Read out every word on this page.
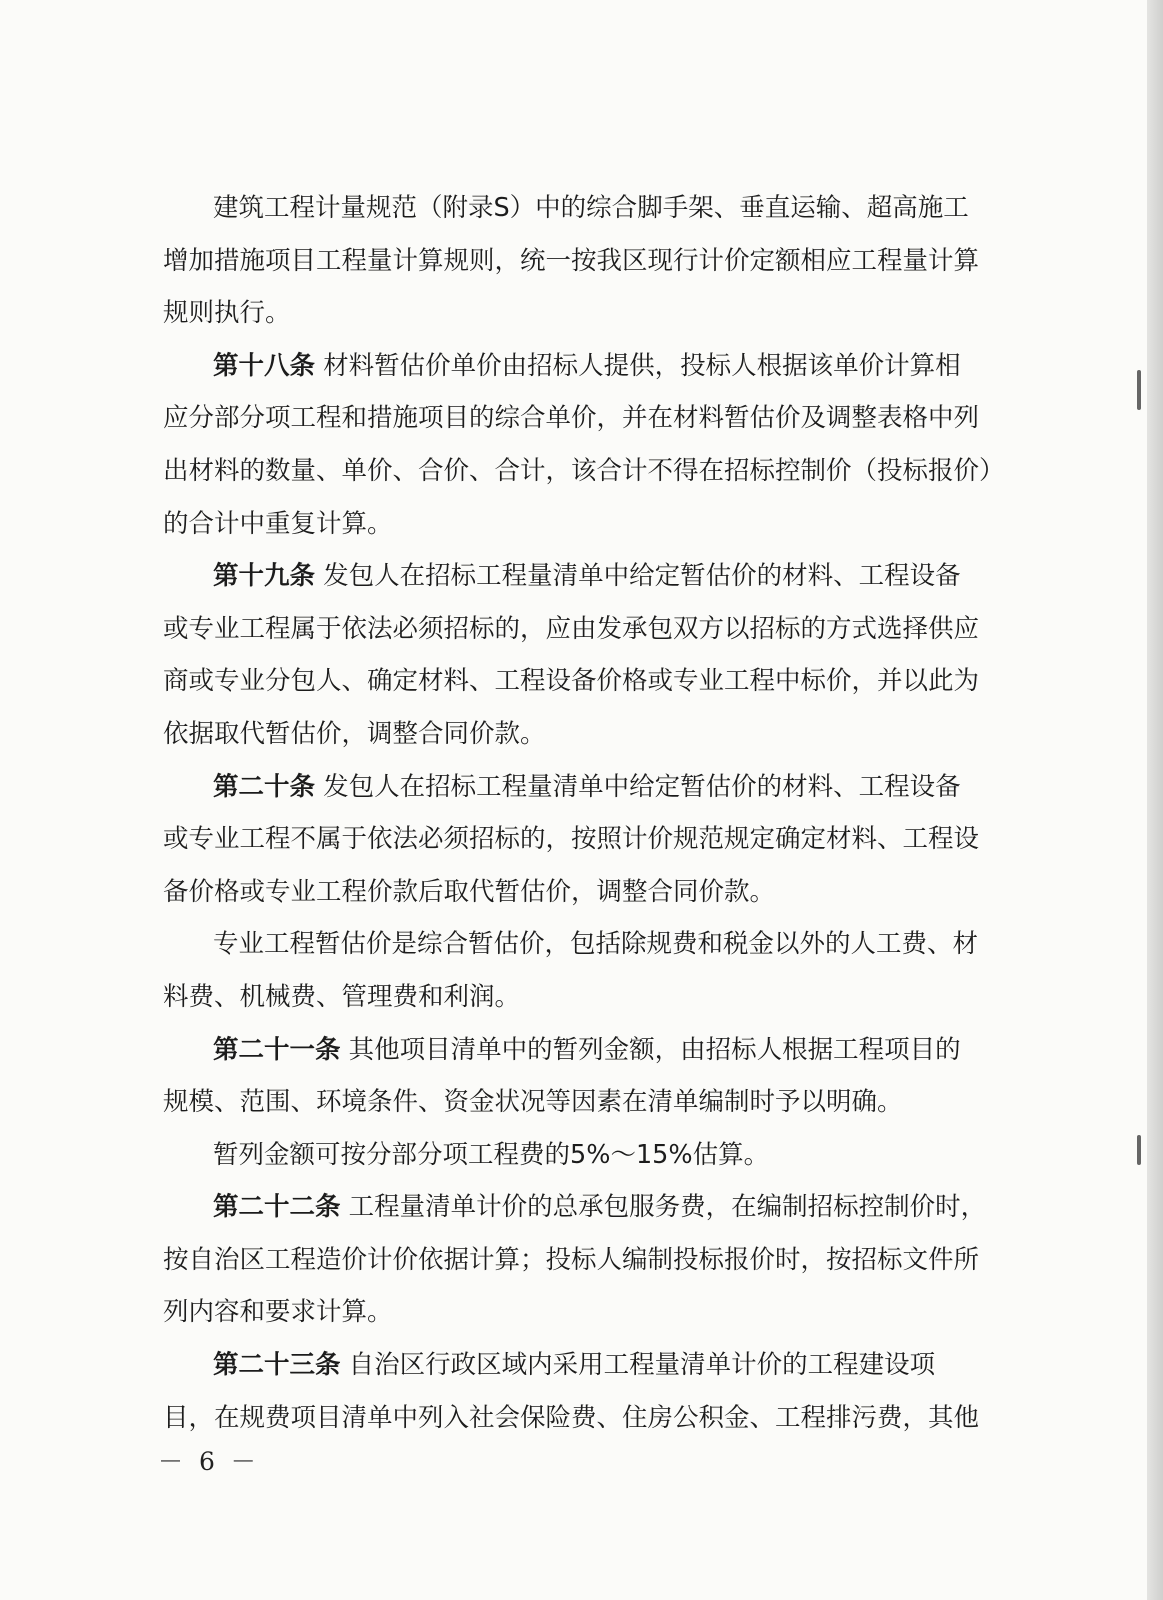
建筑工程计量规范（附录S）中的综合脚手架、垂直运输、超高施工
增加措施项目工程量计算规则，统一按我区现行计价定额相应工程量计算
规则执行。
第十八条 材料暂估价单价由招标人提供，投标人根据该单价计算相
应分部分项工程和措施项目的综合单价，并在材料暂估价及调整表格中列
出材料的数量、单价、合价、合计，该合计不得在招标控制价（投标报价）
的合计中重复计算。
第十九条 发包人在招标工程量清单中给定暂估价的材料、工程设备
或专业工程属于依法必须招标的，应由发承包双方以招标的方式选择供应
商或专业分包人、确定材料、工程设备价格或专业工程中标价，并以此为
依据取代暂估价，调整合同价款。
第二十条 发包人在招标工程量清单中给定暂估价的材料、工程设备
或专业工程不属于依法必须招标的，按照计价规范规定确定材料、工程设
备价格或专业工程价款后取代暂估价，调整合同价款。
专业工程暂估价是综合暂估价，包括除规费和税金以外的人工费、材
料费、机械费、管理费和利润。
第二十一条 其他项目清单中的暂列金额，由招标人根据工程项目的
规模、范围、环境条件、资金状况等因素在清单编制时予以明确。
暂列金额可按分部分项工程费的5%～15%估算。
第二十二条 工程量清单计价的总承包服务费，在编制招标控制价时，
按自治区工程造价计价依据计算；投标人编制投标报价时，按招标文件所
列内容和要求计算。
第二十三条 自治区行政区域内采用工程量清单计价的工程建设项
目，在规费项目清单中列入社会保险费、住房公积金、工程排污费，其他
－ 6 －
